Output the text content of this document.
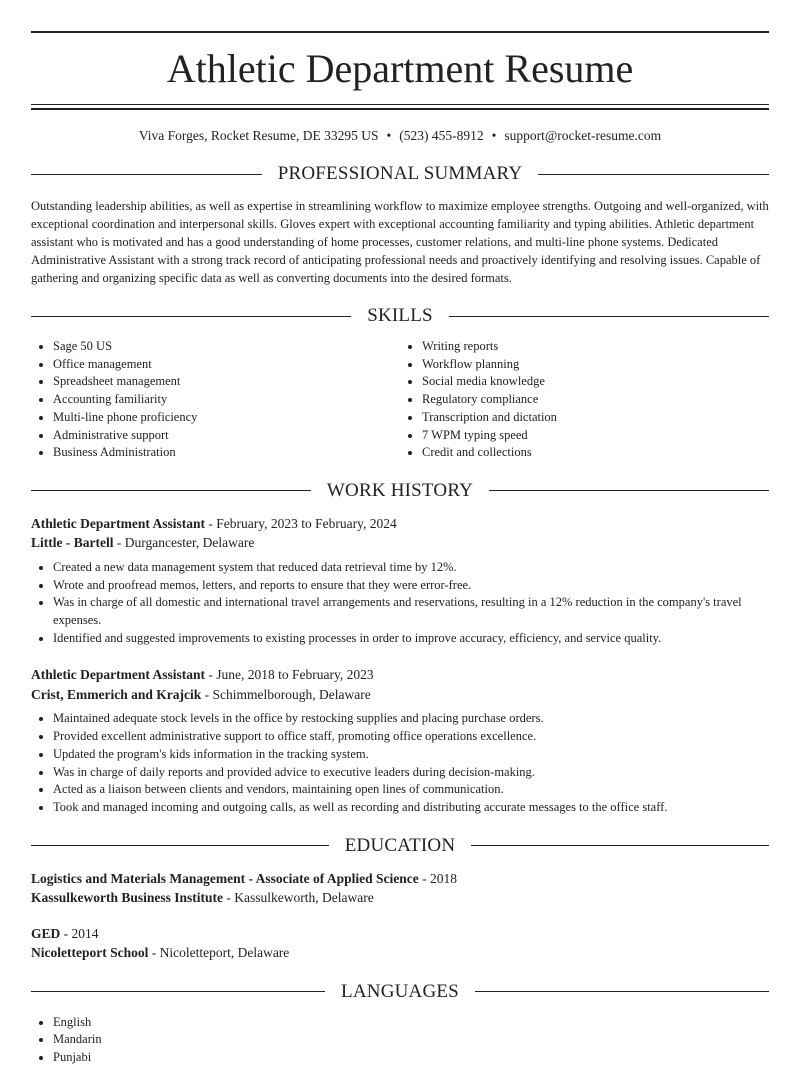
Athletic Department Resume
Viva Forges, Rocket Resume, DE 33295 US • (523) 455-8912 • support@rocket-resume.com
PROFESSIONAL SUMMARY
Outstanding leadership abilities, as well as expertise in streamlining workflow to maximize employee strengths. Outgoing and well-organized, with exceptional coordination and interpersonal skills. Gloves expert with exceptional accounting familiarity and typing abilities. Athletic department assistant who is motivated and has a good understanding of home processes, customer relations, and multi-line phone systems. Dedicated Administrative Assistant with a strong track record of anticipating professional needs and proactively identifying and resolving issues. Capable of gathering and organizing specific data as well as converting documents into the desired formats.
SKILLS
• Sage 50 US
• Office management
• Spreadsheet management
• Accounting familiarity
• Multi-line phone proficiency
• Administrative support
• Business Administration
• Writing reports
• Workflow planning
• Social media knowledge
• Regulatory compliance
• Transcription and dictation
• 7 WPM typing speed
• Credit and collections
WORK HISTORY
Athletic Department Assistant - February, 2023 to February, 2024
Little - Bartell - Durgancester, Delaware
• Created a new data management system that reduced data retrieval time by 12%.
• Wrote and proofread memos, letters, and reports to ensure that they were error-free.
• Was in charge of all domestic and international travel arrangements and reservations, resulting in a 12% reduction in the company's travel expenses.
• Identified and suggested improvements to existing processes in order to improve accuracy, efficiency, and service quality.
Athletic Department Assistant - June, 2018 to February, 2023
Crist, Emmerich and Krajcik - Schimmelborough, Delaware
• Maintained adequate stock levels in the office by restocking supplies and placing purchase orders.
• Provided excellent administrative support to office staff, promoting office operations excellence.
• Updated the program's kids information in the tracking system.
• Was in charge of daily reports and provided advice to executive leaders during decision-making.
• Acted as a liaison between clients and vendors, maintaining open lines of communication.
• Took and managed incoming and outgoing calls, as well as recording and distributing accurate messages to the office staff.
EDUCATION
Logistics and Materials Management - Associate of Applied Science - 2018
Kassulkeworth Business Institute - Kassulkeworth, Delaware
GED - 2014
Nicoletteport School - Nicoletteport, Delaware
LANGUAGES
• English
• Mandarin
• Punjabi
